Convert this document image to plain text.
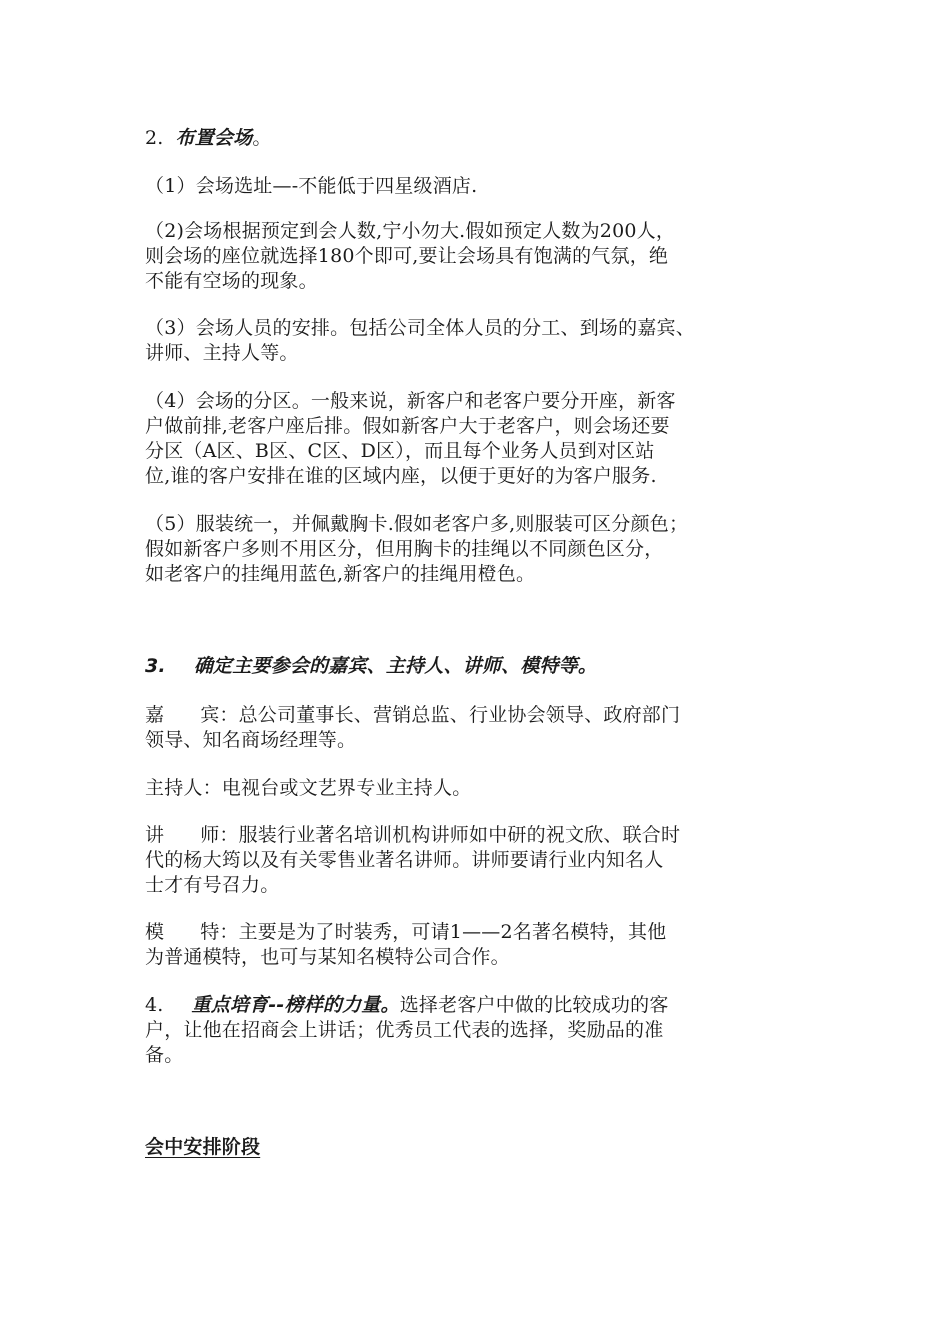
2. 布置会场。
（1）会场选址—-不能低于四星级酒店.
（2)会场根据预定到会人数,宁小勿大.假如预定人数为200人，
则会场的座位就选择180个即可,要让会场具有饱满的气氛，绝
不能有空场的现象。
（3）会场人员的安排。包括公司全体人员的分工、到场的嘉宾、
讲师、主持人等。
（4）会场的分区。一般来说，新客户和老客户要分开座，新客
户做前排,老客户座后排。假如新客户大于老客户，则会场还要
分区（A区、B区、C区、D区），而且每个业务人员到对区站
位,谁的客户安排在谁的区域内座，以便于更好的为客户服务.
（5）服装统一，并佩戴胸卡.假如老客户多,则服装可区分颜色；
假如新客户多则不用区分，但用胸卡的挂绳以不同颜色区分，
如老客户的挂绳用蓝色,新客户的挂绳用橙色。
3. 确定主要参会的嘉宾、主持人、讲师、模特等。
嘉 宾：总公司董事长、营销总监、行业协会领导、政府部门
领导、知名商场经理等。
主持人：电视台或文艺界专业主持人。
讲 师：服装行业著名培训机构讲师如中研的祝文欣、联合时
代的杨大筠以及有关零售业著名讲师。讲师要请行业内知名人
士才有号召力。
模 特：主要是为了时装秀，可请1——2名著名模特，其他
为普通模特，也可与某知名模特公司合作。
4. 重点培育--榜样的力量。选择老客户中做的比较成功的客
户，让他在招商会上讲话；优秀员工代表的选择，奖励品的准
备。
会中安排阶段
